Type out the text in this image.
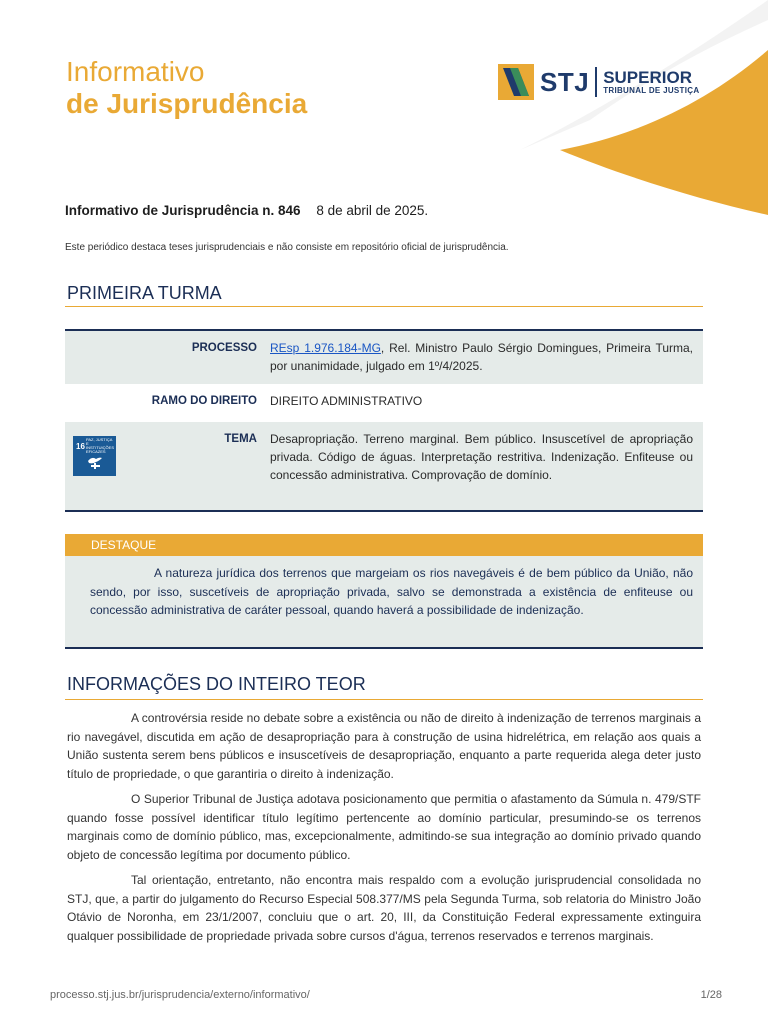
Informativo
de Jurisprudência
STJ SUPERIOR
TRIBUNAL DE JUSTIÇA
Informativo de Jurisprudência n. 846 8 de abril de 2025.
Este periódico destaca teses jurisprudenciais e não consiste em repositório oficial de jurisprudência.
PRIMEIRA TURMA
PROCESSO	REsp 1.976.184-MG, Rel. Ministro Paulo Sérgio Domingues, Primeira Turma, por unanimidade, julgado em 1º/4/2025.
RAMO DO DIREITO	DIREITO ADMINISTRATIVO
16
PAZ, JUSTIÇA E INSTITUIÇÕES EFICAZES
TEMA	Desapropriação. Terreno marginal. Bem público. Insuscetível de apropriação privada. Código de águas. Interpretação restritiva. Indenização. Enfiteuse ou concessão administrativa. Comprovação de domínio.
DESTAQUE
A natureza jurídica dos terrenos que margeiam os rios navegáveis é de bem público da União, não sendo, por isso, suscetíveis de apropriação privada, salvo se demonstrada a existência de enfiteuse ou concessão administrativa de caráter pessoal, quando haverá a possibilidade de indenização.
INFORMAÇÕES DO INTEIRO TEOR
A controvérsia reside no debate sobre a existência ou não de direito à indenização de terrenos marginais a rio navegável, discutida em ação de desapropriação para à construção de usina hidrelétrica, em relação aos quais a União sustenta serem bens públicos e insuscetíveis de desapropriação, enquanto a parte requerida alega deter justo título de propriedade, o que garantiria o direito à indenização.
O Superior Tribunal de Justiça adotava posicionamento que permitia o afastamento da Súmula n. 479/STF quando fosse possível identificar título legítimo pertencente ao domínio particular, presumindo-se os terrenos marginais como de domínio público, mas, excepcionalmente, admitindo-se sua integração ao domínio privado quando objeto de concessão legítima por documento público.
Tal orientação, entretanto, não encontra mais respaldo com a evolução jurisprudencial consolidada no STJ, que, a partir do julgamento do Recurso Especial 508.377/MS pela Segunda Turma, sob relatoria do Ministro João Otávio de Noronha, em 23/1/2007, concluiu que o art. 20, III, da Constituição Federal expressamente extinguira qualquer possibilidade de propriedade privada sobre cursos d'água, terrenos reservados e terrenos marginais.
processo.stj.jus.br/jurisprudencia/externo/informativo/	1/28
